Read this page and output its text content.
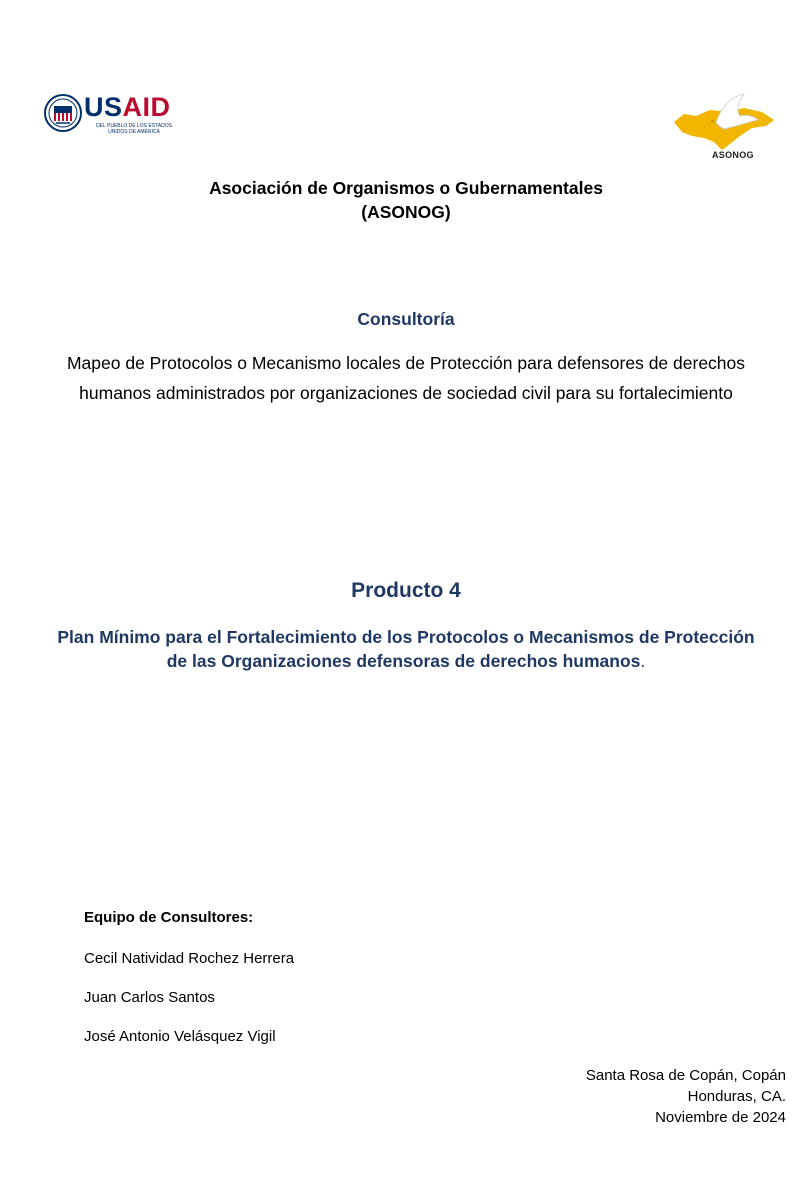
USAID
DEL PUEBLO DE LOS ESTADOS
UNIDOS DE AMÉRICA
ASONOG
Asociación de Organismos o Gubernamentales
(ASONOG)
Consultoría
Mapeo de Protocolos o Mecanismo locales de Protección para defensores de derechos
humanos administrados por organizaciones de sociedad civil para su fortalecimiento
Producto 4
Plan Mínimo para el Fortalecimiento de los Protocolos o Mecanismos de Protección
de las Organizaciones defensoras de derechos humanos.
Equipo de Consultores:
Cecil Natividad Rochez Herrera
Juan Carlos Santos
José Antonio Velásquez Vigil
Santa Rosa de Copán, Copán
Honduras, CA.
Noviembre de 2024
